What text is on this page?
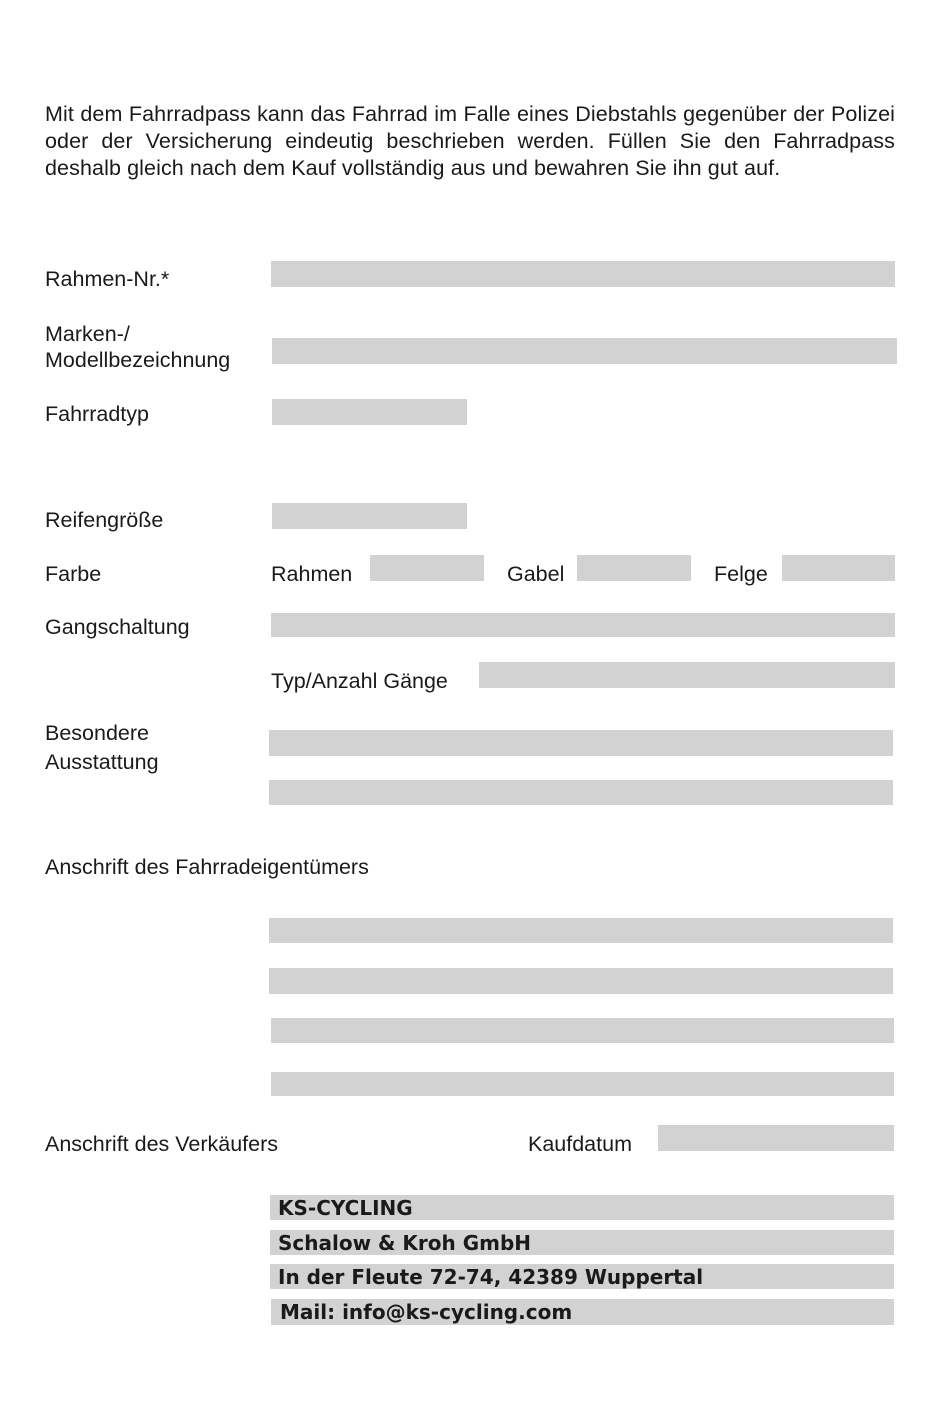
Mit dem Fahrradpass kann das Fahrrad im Falle eines Diebstahls gegenüber der Polizei oder der Versicherung eindeutig beschrieben werden. Füllen Sie den Fahrradpass deshalb gleich nach dem Kauf vollständig aus und bewahren Sie ihn gut auf.
Rahmen-Nr.*
Marken-/
Modellbezeichnung
Fahrradtyp
Reifengröße
Farbe	Rahmen	Gabel	Felge
Gangschaltung
Typ/Anzahl Gänge
Besondere
Ausstattung
Anschrift des Fahrradeigentümers
Anschrift des Verkäufers	Kaufdatum
KS-CYCLING
Schalow & Kroh GmbH
In der Fleute 72-74, 42389 Wuppertal
Mail: info@ks-cycling.com
